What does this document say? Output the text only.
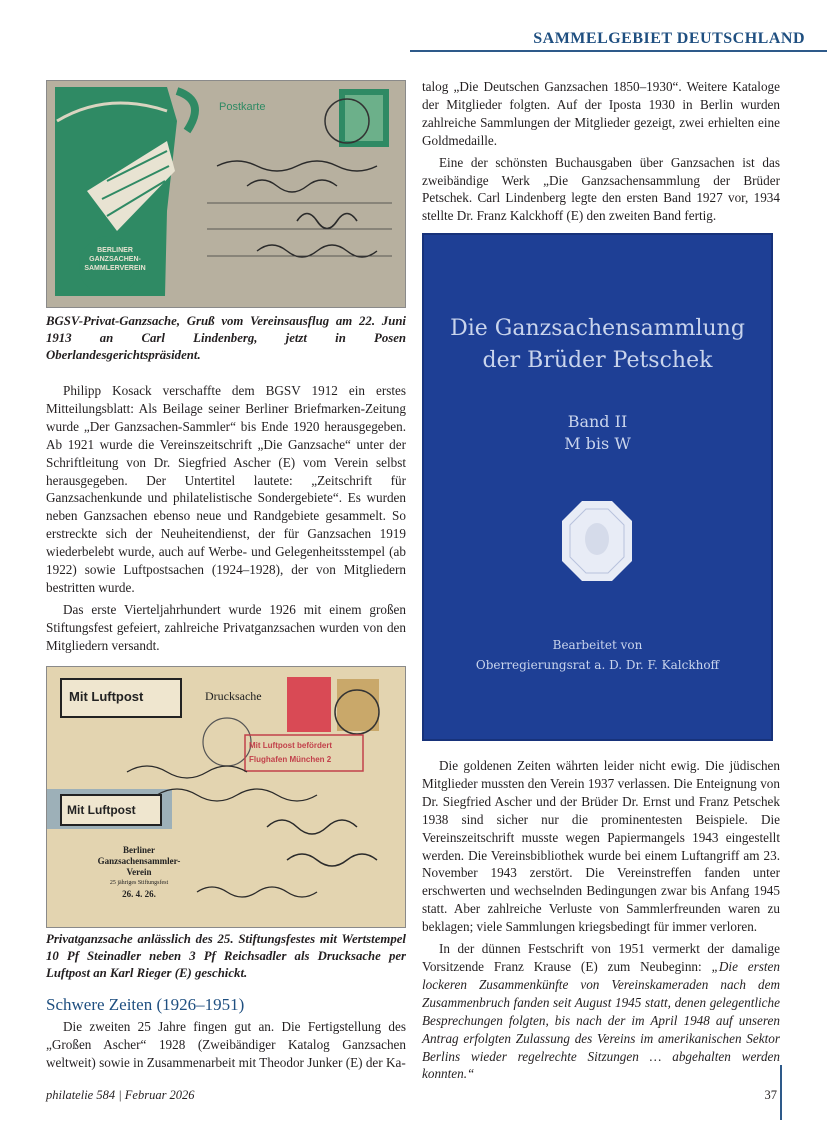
SAMMELGEBIET DEUTSCHLAND
Postkarte
BERLINER
GANZSACHEN-
SAMMLERVEREIN
BGSV-Privat-Ganzsache, Gruß vom Vereinsausflug am 22. Juni 1913 an Carl Lindenberg, jetzt in Posen Oberlandesgerichtspräsident.

Philipp Kosack verschaffte dem BGSV 1912 ein erstes Mitteilungsblatt: Als Beilage seiner Berliner Briefmarken-Zeitung wurde „Der Ganzsachen-Sammler“ bis Ende 1920 herausgegeben. Ab 1921 wurde die Vereinszeitschrift „Die Ganzsache“ unter der Schriftleitung von Dr. Siegfried Ascher (E) vom Verein selbst herausgegeben. Der Untertitel lautete: „Zeitschrift für Ganzsachenkunde und philatelistische Sondergebiete“. Es wurden neben Ganzsachen ebenso neue und Randgebiete gesammelt. So erstreckte sich der Neuheitendienst, der für Ganzsachen 1919 wiederbelebt wurde, auch auf Werbe- und Gelegenheitsstempel (ab 1922) sowie Luftpostsachen (1924–1928), der von Mitgliedern bestritten wurde.

Das erste Vierteljahrhundert wurde 1926 mit einem großen Stiftungsfest gefeiert, zahlreiche Privatganzsachen wurden von den Mitgliedern versandt.

Mit Luftpost
Mit Luftpost
Drucksache
Mit Luftpost befördert
Flughafen München 2
Berliner
Ganzsachensammler-
Verein
25 jähriges Stiftungsfest
26. 4. 26.
Privatganzsache anlässlich des 25. Stiftungsfestes mit Wertstempel 10 Pf Steinadler neben 3 Pf Reichsadler als Drucksache per Luftpost an Karl Rieger (E) geschickt.
Schwere Zeiten (1926–1951)

Die zweiten 25 Jahre fingen gut an. Die Fertigstellung des „Großen Ascher“ 1928 (Zweibändiger Katalog Ganzsachen weltweit) sowie in Zusammenarbeit mit Theodor Junker (E) der Ka-

talog „Die Deutschen Ganzsachen 1850–1930“. Weitere Kataloge der Mitglieder folgten. Auf der Iposta 1930 in Berlin wurden zahlreiche Sammlungen der Mitglieder gezeigt, zwei erhielten eine Goldmedaille.

Eine der schönsten Buchausgaben über Ganzsachen ist das zweibändige Werk „Die Ganzsachensammlung der Brüder Petschek. Carl Lindenberg legte den ersten Band 1927 vor, 1934 stellte Dr. Franz Kalckhoff (E) den zweiten Band fertig.

Die Ganzsachensammlung
der Brüder Petschek
Band II
M bis W
Bearbeitet von
Oberregierungsrat a. D. Dr. F. Kalckhoff

Die goldenen Zeiten währten leider nicht ewig. Die jüdischen Mitglieder mussten den Verein 1937 verlassen. Die Enteignung von Dr. Siegfried Ascher und der Brüder Dr. Ernst und Franz Petschek 1938 sind sicher nur die prominentesten Beispiele. Die Vereinszeitschrift musste wegen Papiermangels 1943 eingestellt werden. Die Vereinsbibliothek wurde bei einem Luftangriff am 23. November 1943 zerstört. Die Vereinstreffen fanden unter erschwerten und wechselnden Bedingungen zwar bis Anfang 1945 statt. Aber zahlreiche Verluste von Sammlerfreunden waren zu beklagen; viele Sammlungen kriegsbedingt für immer verloren.

In der dünnen Festschrift von 1951 vermerkt der damalige Vorsitzende Franz Krause (E) zum Neubeginn: „Die ersten lockeren Zusammenkünfte von Vereinskameraden nach dem Zusammenbruch fanden seit August 1945 statt, denen gelegentliche Besprechungen folgten, bis nach der im April 1948 auf unseren Antrag erfolgten Zulassung des Vereins im amerikanischen Sektor Berlins wieder regelrechte Sitzungen … abgehalten werden konnten.“

philatelie 584 | Februar 2026	37
